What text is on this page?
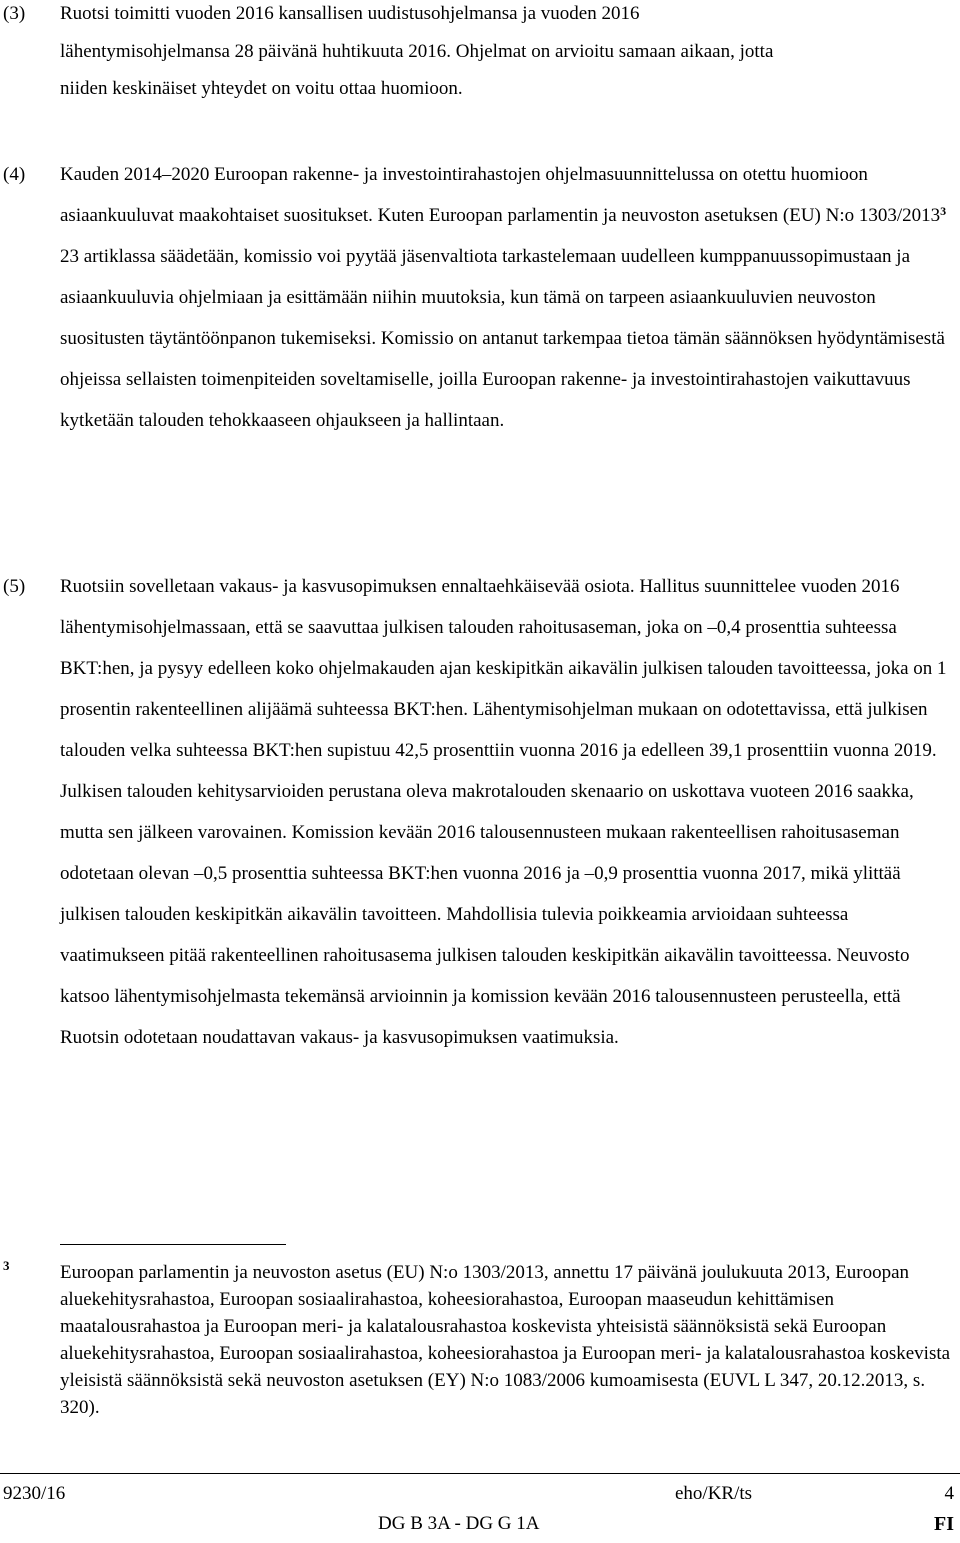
(3) Ruotsi toimitti vuoden 2016 kansallisen uudistusohjelmansa ja vuoden 2016
lähentymisohjelmansa 28 päivänä huhtikuuta 2016. Ohjelmat on arvioitu samaan aikaan, jotta
niiden keskinäiset yhteydet on voitu ottaa huomioon.
(4) Kauden 2014–2020 Euroopan rakenne- ja investointirahastojen ohjelmasuunnittelussa on otettu huomioon asiaankuuluvat maakohtaiset suositukset. Kuten Euroopan parlamentin ja neuvoston asetuksen (EU) N:o 1303/2013$^3$ 23 artiklassa säädetään, komissio voi pyytää jäsenvaltiota tarkastelemaan uudelleen kumppanuussopimustaan ja asiaankuuluvia ohjelmiaan ja esittämään niihin muutoksia, kun tämä on tarpeen asiaankuuluvien neuvoston suositusten täytäntöönpanon tukemiseksi. Komissio on antanut tarkempaa tietoa tämän säännöksen hyödyntämisestä ohjeissa sellaisten toimenpiteiden soveltamiselle, joilla Euroopan rakenne- ja investointirahastojen vaikuttavuus kytketään talouden tehokkaaseen ohjaukseen ja hallintaan.
(5) Ruotsiin sovelletaan vakaus- ja kasvusopimuksen ennaltaehkäisevää osiota. Hallitus suunnittelee vuoden 2016 lähentymisohjelmassaan, että se saavuttaa julkisen talouden rahoitusaseman, joka on –0,4 prosenttia suhteessa BKT:hen, ja pysyy edelleen koko ohjelmakauden ajan keskipitkän aikavälin julkisen talouden tavoitteessa, joka on 1 prosentin rakenteellinen alijäämä suhteessa BKT:hen. Lähentymisohjelman mukaan on odotettavissa, että julkisen talouden velka suhteessa BKT:hen supistuu 42,5 prosenttiin vuonna 2016 ja edelleen 39,1 prosenttiin vuonna 2019. Julkisen talouden kehitysarvioiden perustana oleva makrotalouden skenaario on uskottava vuoteen 2016 saakka, mutta sen jälkeen varovainen. Komission kevään 2016 talousennusteen mukaan rakenteellisen rahoitusaseman odotetaan olevan –0,5 prosenttia suhteessa BKT:hen vuonna 2016 ja –0,9 prosenttia vuonna 2017, mikä ylittää julkisen talouden keskipitkän aikavälin tavoitteen. Mahdollisia tulevia poikkeamia arvioidaan suhteessa vaatimukseen pitää rakenteellinen rahoitusasema julkisen talouden keskipitkän aikavälin tavoitteessa. Neuvosto katsoo lähentymisohjelmasta tekemänsä arvioinnin ja komission kevään 2016 talousennusteen perusteella, että Ruotsin odotetaan noudattavan vakaus- ja kasvusopimuksen vaatimuksia.
3	Euroopan parlamentin ja neuvoston asetus (EU) N:o 1303/2013, annettu 17 päivänä joulukuuta 2013, Euroopan aluekehitysrahastoa, Euroopan sosiaalirahastoa, koheesiorahastoa, Euroopan maaseudun kehittämisen maatalousrahastoa ja Euroopan meri- ja kalatalousrahastoa koskevista yhteisistä säännöksistä sekä Euroopan aluekehitysrahastoa, Euroopan sosiaalirahastoa, koheesiorahastoa ja Euroopan meri- ja kalatalousrahastoa koskevista yleisistä säännöksistä sekä neuvoston asetuksen (EY) N:o 1083/2006 kumoamisesta (EUVL L 347, 20.12.2013, s. 320).
9230/16	eho/KR/ts	4
DG B 3A - DG G 1A	FI
